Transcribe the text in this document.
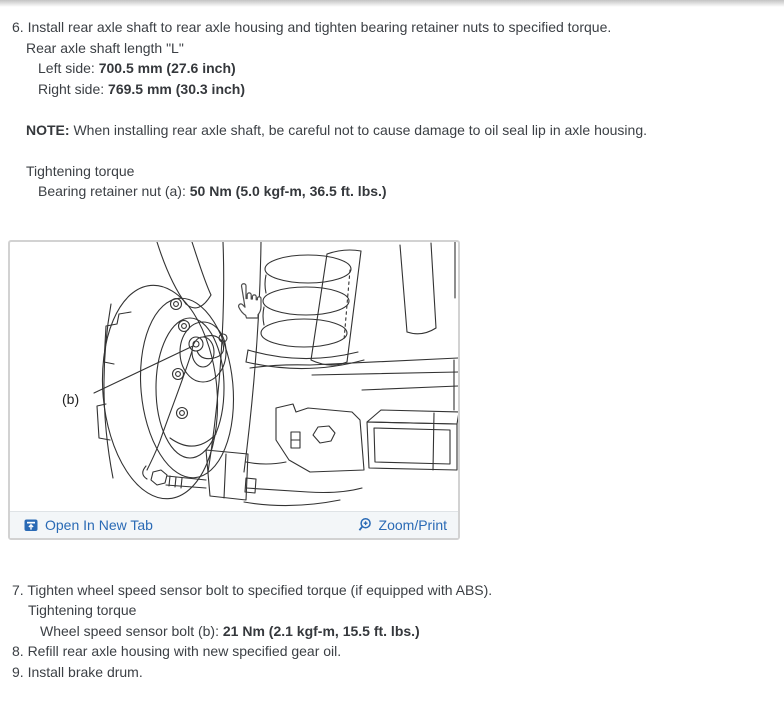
6. Install rear axle shaft to rear axle housing and tighten bearing retainer nuts to specified torque.

Rear axle shaft length "L"

Left side: 700.5 mm (27.6 inch)

Right side: 769.5 mm (30.3 inch)

NOTE: When installing rear axle shaft, be careful not to cause damage to oil seal lip in axle housing.

Tightening torque

Bearing retainer nut (a): 50 Nm (5.0 kgf-m, 36.5 ft. lbs.)

(b)
Open In New Tab	Zoom/Print

7. Tighten wheel speed sensor bolt to specified torque (if equipped with ABS).

Tightening torque

Wheel speed sensor bolt (b): 21 Nm (2.1 kgf-m, 15.5 ft. lbs.)

8. Refill rear axle housing with new specified gear oil.

9. Install brake drum.
